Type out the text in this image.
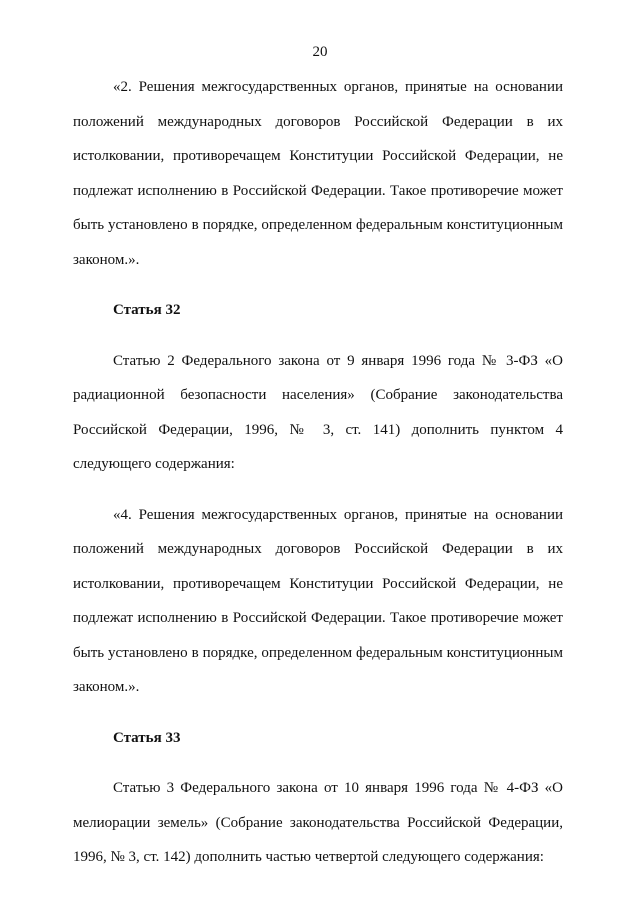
20

«2. Решения межгосударственных органов, принятые на основании положений международных договоров Российской Федерации в их истолковании, противоречащем Конституции Российской Федерации, не подлежат исполнению в Российской Федерации. Такое противоречие может быть установлено в порядке, определенном федеральным конституционным законом.».

Статья 32

Статью 2 Федерального закона от 9 января 1996 года № 3-ФЗ «О радиационной безопасности населения» (Собрание законодательства Российской Федерации, 1996, № 3, ст. 141) дополнить пунктом 4 следующего содержания:

«4. Решения межгосударственных органов, принятые на основании положений международных договоров Российской Федерации в их истолковании, противоречащем Конституции Российской Федерации, не подлежат исполнению в Российской Федерации. Такое противоречие может быть установлено в порядке, определенном федеральным конституционным законом.».

Статья 33

Статью 3 Федерального закона от 10 января 1996 года № 4-ФЗ «О мелиорации земель» (Собрание законодательства Российской Федерации, 1996, № 3, ст. 142) дополнить частью четвертой следующего содержания:
